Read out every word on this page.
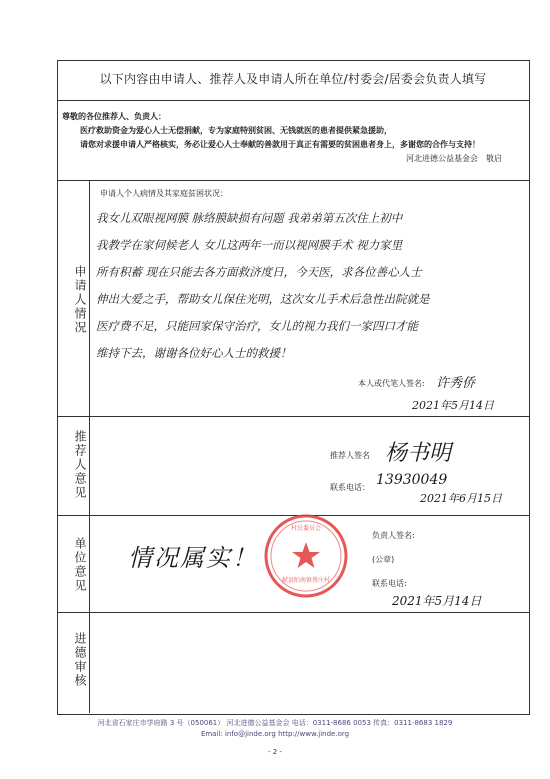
以下内容由申请人、推荐人及申请人所在单位/村委会/居委会负责人填写

尊敬的各位推荐人、负责人：

医疗救助资金为爱心人士无偿捐献，专为家庭特别贫困、无钱就医的患者提供紧急援助，

请您对求援申请人严格核实，务必让爱心人士奉献的善款用于真正有需要的贫困患者身上，多谢您的合作与支持！

河北进德公益基金会　敬启

申请人情况
申请人个人病情及其家庭贫困状况：
我女儿双眼视网膜 脉络膜缺损有问题 我弟弟第五次住上初中
我教学在家伺候老人 女儿这两年一而以视网膜手术 视力家里
所有积蓄 现在只能去各方面救济度日，今天医，求各位善心人士
伸出大爱之手，帮助女儿保住光明，这次女儿手术后急性出院就是
医疗费不足，只能回家保守治疗，女儿的视力我们一家四口才能
维持下去，谢谢各位好心人士的救援！
本人或代笔人签名: 许秀侨
2021年5月14日
推荐人意见	推荐人签名 杨书明
联系电话： 13930049
2021年6月15日
单位意见 情况属实！
负责人签名:
(公章)
联系电话:
献县陌南镇蔡庄村
村民委员会
2021年5月14日
进德审核
河北省石家庄市学府路 3 号（050061） 河北进德公益基金会 电话：0311-8686 0053 传真：0311-8683 1829
Email: info@jinde.org http://www.jinde.org
- 2 -
